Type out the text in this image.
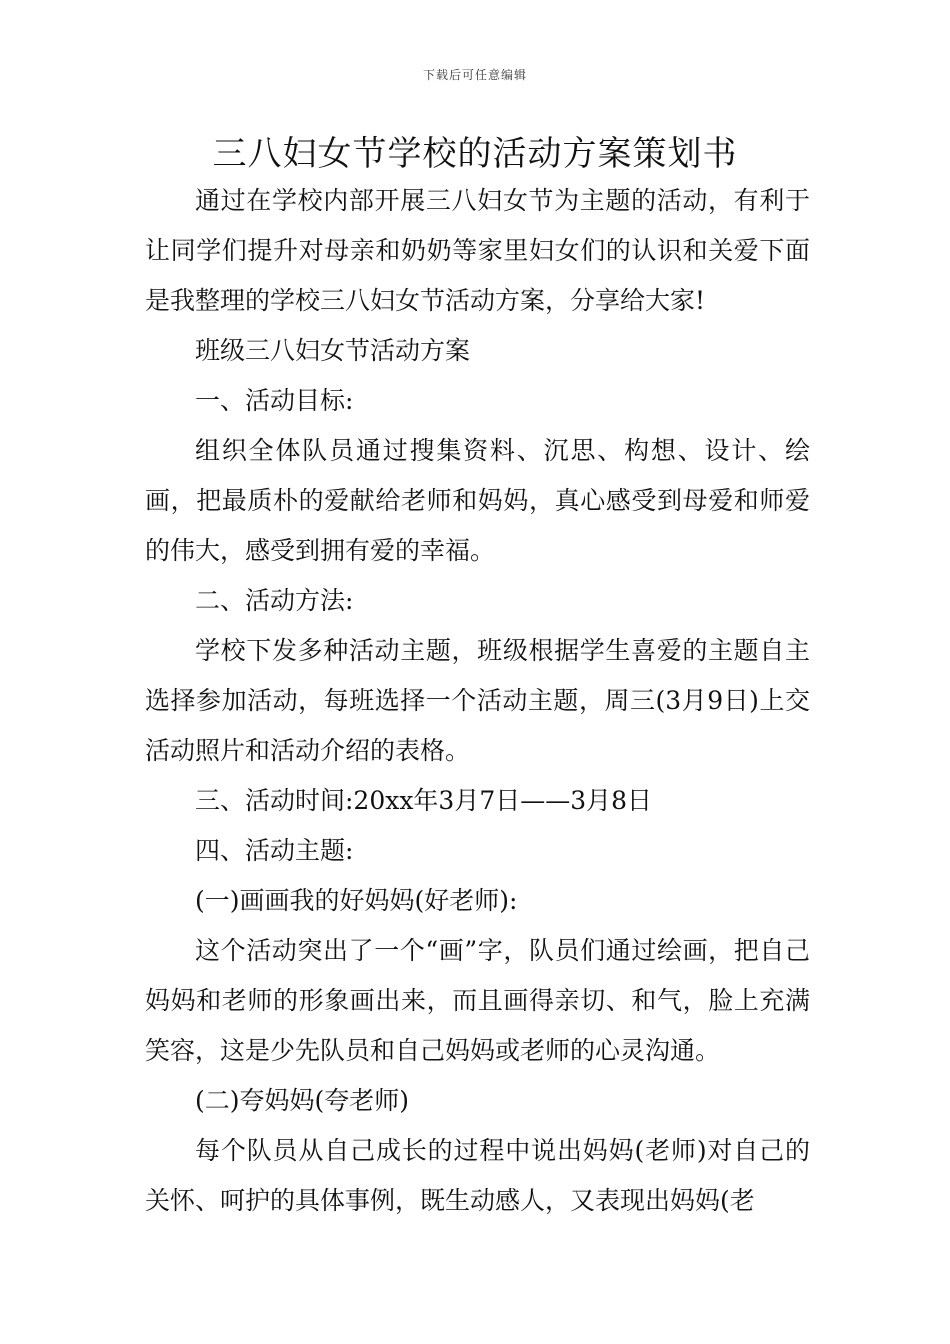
下载后可任意编辑
三八妇女节学校的活动方案策划书

通过在学校内部开展三八妇女节为主题的活动，有利于让同学们提升对母亲和奶奶等家里妇女们的认识和关爱下面是我整理的学校三八妇女节活动方案，分享给大家!

班级三八妇女节活动方案

一、活动目标:

组织全体队员通过搜集资料、沉思、构想、设计、绘画，把最质朴的爱献给老师和妈妈，真心感受到母爱和师爱的伟大，感受到拥有爱的幸福。

二、活动方法:

学校下发多种活动主题，班级根据学生喜爱的主题自主选择参加活动，每班选择一个活动主题，周三(3月9日)上交活动照片和活动介绍的表格。

三、活动时间:20xx年3月7日——3月8日

四、活动主题:

(一)画画我的好妈妈(好老师):

这个活动突出了一个“画”字，队员们通过绘画，把自己妈妈和老师的形象画出来，而且画得亲切、和气，脸上充满笑容，这是少先队员和自己妈妈或老师的心灵沟通。

(二)夸妈妈(夸老师)

每个队员从自己成长的过程中说出妈妈(老师)对自己的关怀、呵护的具体事例，既生动感人，又表现出妈妈(老
